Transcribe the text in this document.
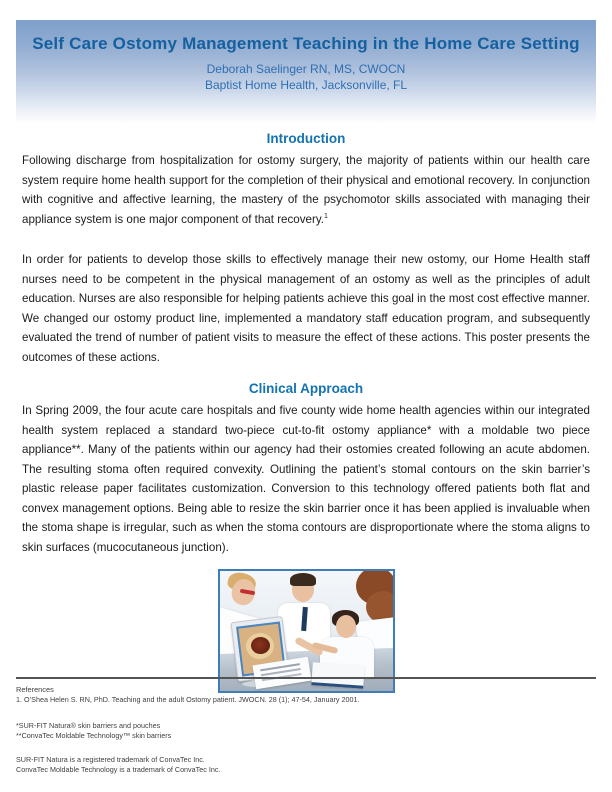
Self Care Ostomy Management Teaching in the Home Care Setting
Deborah Saelinger RN, MS, CWOCN
Baptist Home Health, Jacksonville, FL
Introduction

Following discharge from hospitalization for ostomy surgery, the majority of patients within our health care system require home health support for the completion of their physical and emotional recovery. In conjunction with cognitive and affective learning, the mastery of the psychomotor skills associated with managing their appliance system is one major component of that recovery.$^1$

In order for patients to develop those skills to effectively manage their new ostomy, our Home Health staff nurses need to be competent in the physical management of an ostomy as well as the principles of adult education. Nurses are also responsible for helping patients achieve this goal in the most cost effective manner. We changed our ostomy product line, implemented a mandatory staff education program, and subsequently evaluated the trend of number of patient visits to measure the effect of these actions. This poster presents the outcomes of these actions.

Clinical Approach

In Spring 2009, the four acute care hospitals and five county wide home health agencies within our integrated health system replaced a standard two-piece cut-to-fit ostomy appliance* with a moldable two piece appliance**. Many of the patients within our agency had their ostomies created following an acute abdomen. The resulting stoma often required convexity. Outlining the patient’s stomal contours on the skin barrier’s plastic release paper facilitates customization. Conversion to this technology offered patients both flat and convex management options. Being able to resize the skin barrier once it has been applied is invaluable when the stoma shape is irregular, such as when the stoma contours are disproportionate where the stoma aligns to skin surfaces (mucocutaneous junction).

References
1. O’Shea Helen S. RN, PhD. Teaching and the adult Ostomy patient. JWOCN. 28 (1); 47-54, January 2001.
*SUR-FIT Natura® skin barriers and pouches
**ConvaTec Moldable Technology™ skin barriers
SUR-FIT Natura is a registered trademark of ConvaTec Inc.
ConvaTec Moldable Technology is a trademark of ConvaTec Inc.
